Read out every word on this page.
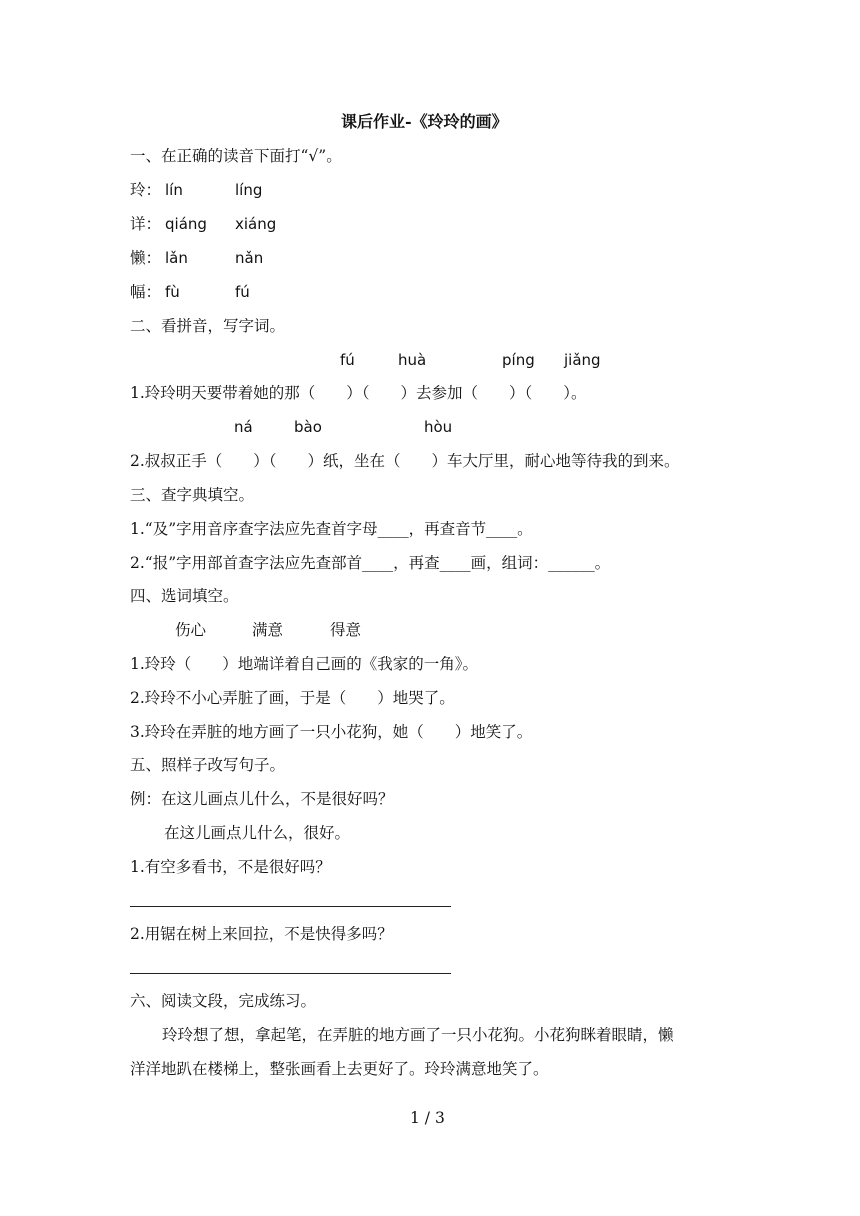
课后作业-《玲玲的画》
一、在正确的读音下面打“√”。
玲： lín	líng
详： qiáng xiáng
懒： lǎn	nǎn
幅： fù	fú
二、看拼音，写字词。
fú	huà	píng jiǎng
1.玲玲明天要带着她的那（　　）（　　）去参加（　　）（　　）。
ná	bào	hòu
2.叔叔正手（　　）（　　）纸，坐在（　　）车大厅里，耐心地等待我的到来。
三、查字典填空。
1.“及”字用音序查字法应先查首字母____，再查音节____。
2.“报”字用部首查字法应先查部首____，再查____画，组词：______。
四、选词填空。
伤心	满意	得意
1.玲玲（　　）地端详着自己画的《我家的一角》。
2.玲玲不小心弄脏了画，于是（　　）地哭了。
3.玲玲在弄脏的地方画了一只小花狗，她（　　）地笑了。
五、照样子改写句子。
例：在这儿画点儿什么，不是很好吗？
在这儿画点儿什么，很好。
1.有空多看书，不是很好吗？
2.用锯在树上来回拉，不是快得多吗？
六、阅读文段，完成练习。
玲玲想了想，拿起笔，在弄脏的地方画了一只小花狗。小花狗眯着眼睛，懒
洋洋地趴在楼梯上，整张画看上去更好了。玲玲满意地笑了。
1 / 3
